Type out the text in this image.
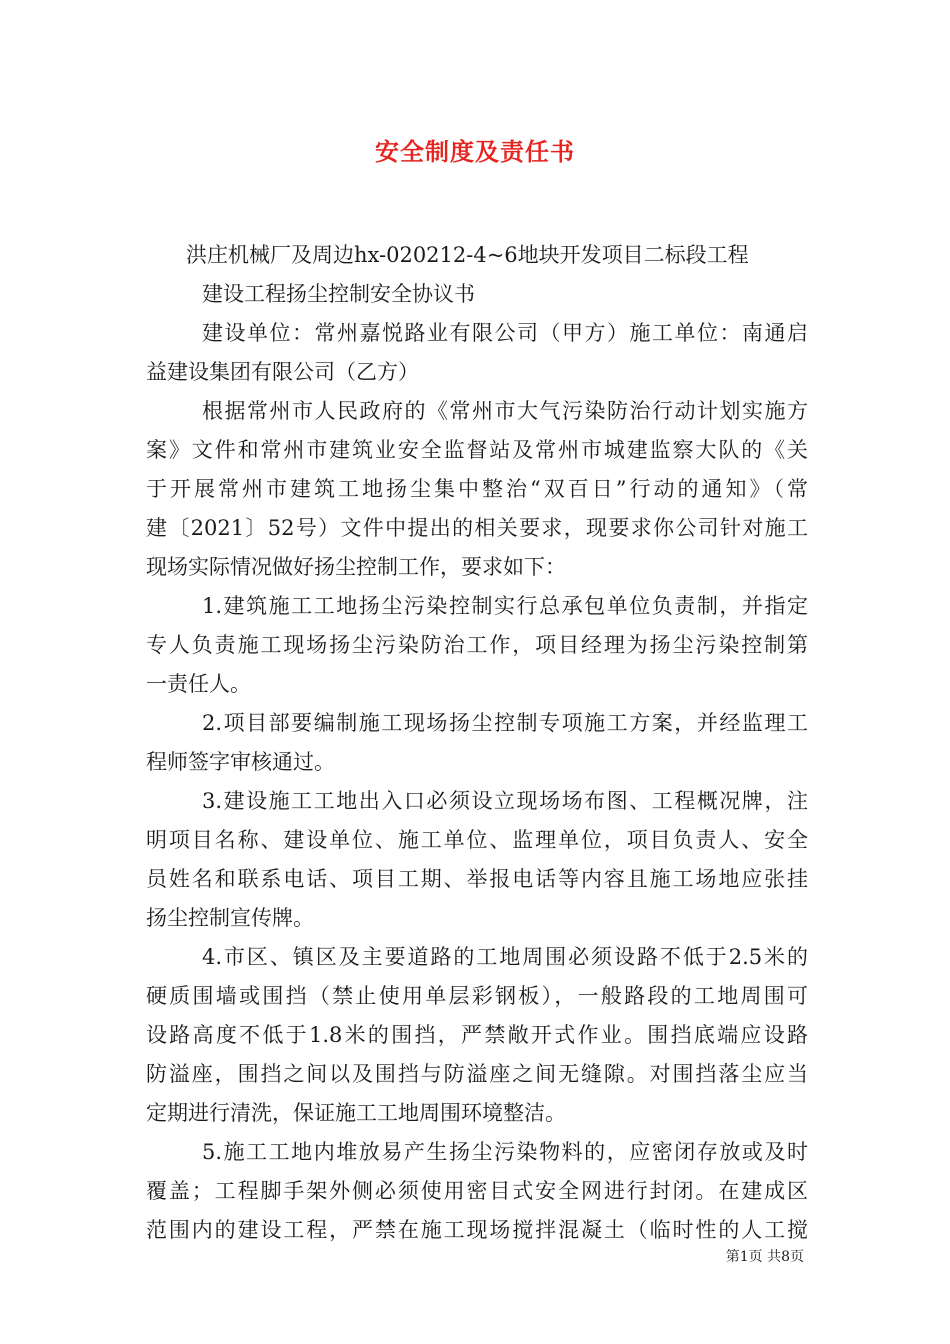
安全制度及责任书
洪庄机械厂及周边hx-020212-4~6地块开发项目二标段工程
建设工程扬尘控制安全协议书
建设单位：常州嘉悦路业有限公司（甲方）施工单位：南通启
益建设集团有限公司（乙方）
根据常州市人民政府的《常州市大气污染防治行动计划实施方
案》文件和常州市建筑业安全监督站及常州市城建监察大队的《关
于开展常州市建筑工地扬尘集中整治“双百日”行动的通知》（常
建〔2021〕52号）文件中提出的相关要求，现要求你公司针对施工
现场实际情况做好扬尘控制工作，要求如下：
1.建筑施工工地扬尘污染控制实行总承包单位负责制，并指定
专人负责施工现场扬尘污染防治工作，项目经理为扬尘污染控制第
一责任人。
2.项目部要编制施工现场扬尘控制专项施工方案，并经监理工
程师签字审核通过。
3.建设施工工地出入口必须设立现场场布图、工程概况牌，注
明项目名称、建设单位、施工单位、监理单位，项目负责人、安全
员姓名和联系电话、项目工期、举报电话等内容且施工场地应张挂
扬尘控制宣传牌。
4.市区、镇区及主要道路的工地周围必须设路不低于2.5米的
硬质围墙或围挡（禁止使用单层彩钢板），一般路段的工地周围可
设路高度不低于1.8米的围挡，严禁敞开式作业。围挡底端应设路
防溢座，围挡之间以及围挡与防溢座之间无缝隙。对围挡落尘应当
定期进行清洗，保证施工工地周围环境整洁。
5.施工工地内堆放易产生扬尘污染物料的，应密闭存放或及时
覆盖；工程脚手架外侧必须使用密目式安全网进行封闭。在建成区
范围内的建设工程，严禁在施工现场搅拌混凝土（临时性的人工搅
第1页 共8页
